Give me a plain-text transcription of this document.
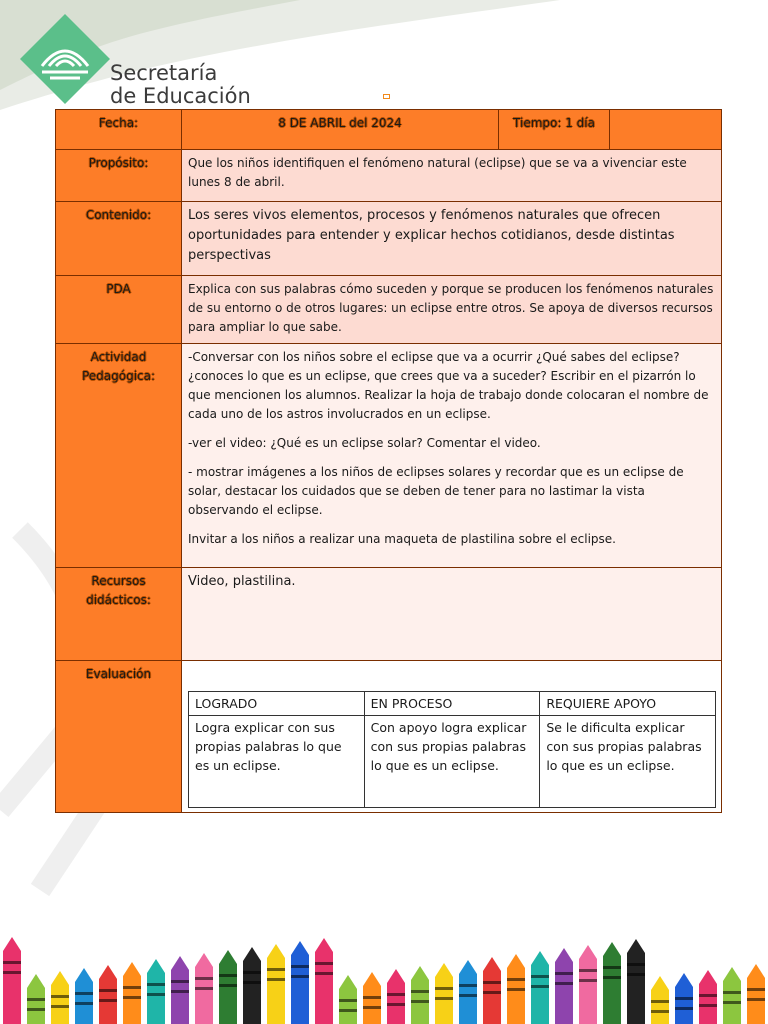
Secretaría
de Educación
Fecha:	8 DE ABRIL del 2024	Tiempo: 1 día	
Propósito:	Que los niños identifiquen el fenómeno natural (eclipse) que se va a vivenciar este lunes 8 de abril.
Contenido:	Los seres vivos elementos, procesos y fenómenos naturales que ofrecen oportunidades para entender y explicar hechos cotidianos, desde distintas perspectivas
PDA	Explica con sus palabras cómo suceden y porque se producen los fenómenos naturales de su entorno o de otros lugares: un eclipse entre otros. Se apoya de diversos recursos para ampliar lo que sabe.
Actividad Pedagógica:	

-Conversar con los niños sobre el eclipse que va a ocurrir ¿Qué sabes del eclipse? ¿conoces lo que es un eclipse, que crees que va a suceder? Escribir en el pizarrón lo que mencionen los alumnos. Realizar la hoja de trabajo donde colocaran el nombre de cada uno de los astros involucrados en un eclipse.

-ver el video: ¿Qué es un eclipse solar? Comentar el video.

- mostrar imágenes a los niños de eclipses solares y recordar que es un eclipse de solar, destacar los cuidados que se deben de tener para no lastimar la vista observando el eclipse.

Invitar a los niños a realizar una maqueta de plastilina sobre el eclipse.

Recursos didácticos:	Video, plastilina.
Evaluación	
LOGRADO	EN PROCESO	REQUIERE APOYO
Logra explicar con sus propias palabras lo que es un eclipse.	Con apoyo logra explicar con sus propias palabras lo que es un eclipse.	Se le dificulta explicar con sus propias palabras lo que es un eclipse.
